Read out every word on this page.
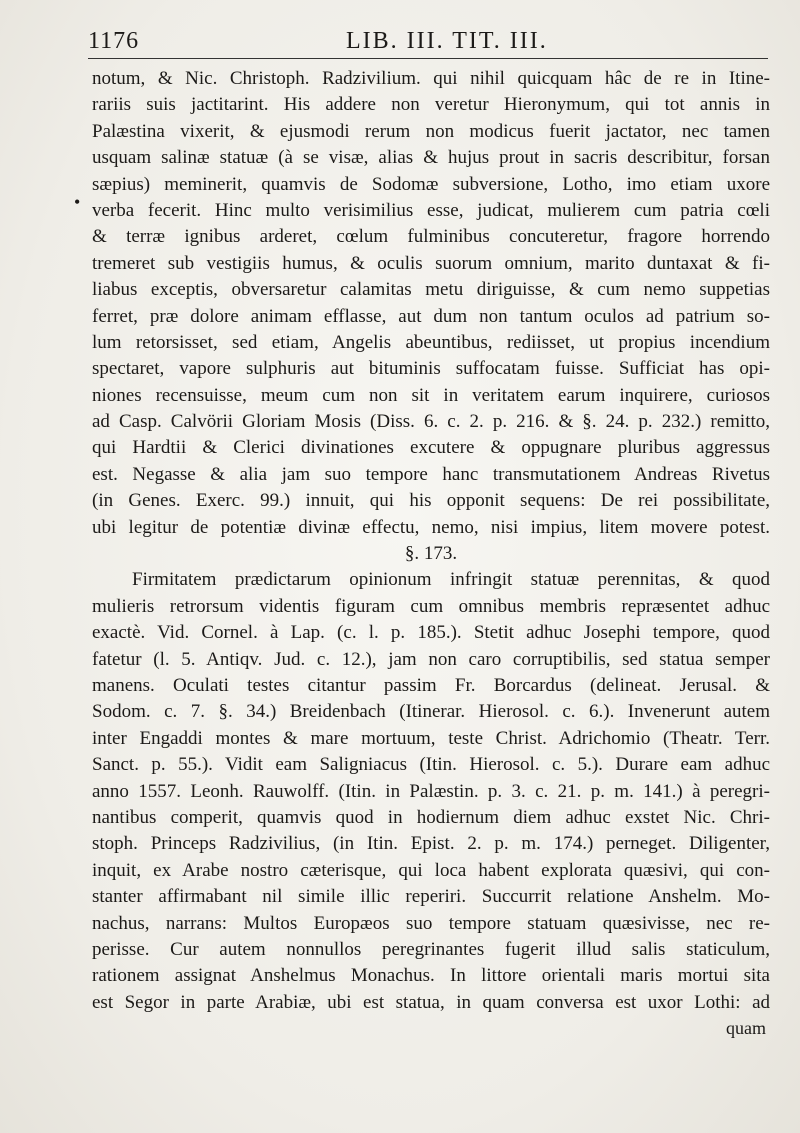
1176	LIB. III. TIT. III.
•
notum, & Nic. Christoph. Radzivilium. qui nihil quicquam hâc de re in Itine-
rariis suis jactitarint. His addere non veretur Hieronymum, qui tot annis in
Palæstina vixerit, & ejusmodi rerum non modicus fuerit jactator, nec tamen
usquam salinæ statuæ (à se visæ, alias & hujus prout in sacris describitur, forsan
sæpius) meminerit, quamvis de Sodomæ subversione, Lotho, imo etiam uxore
verba fecerit. Hinc multo verisimilius esse, judicat, mulierem cum patria cœli
& terræ ignibus arderet, cœlum fulminibus concuteretur, fragore horrendo
tremeret sub vestigiis humus, & oculis suorum omnium, marito duntaxat & fi-
liabus exceptis, obversaretur calamitas metu diriguisse, & cum nemo suppetias
ferret, præ dolore animam efflasse, aut dum non tantum oculos ad patrium so-
lum retorsisset, sed etiam, Angelis abeuntibus, rediisset, ut propius incendium
spectaret, vapore sulphuris aut bituminis suffocatam fuisse. Sufficiat has opi-
niones recensuisse, meum cum non sit in veritatem earum inquirere, curiosos
ad Casp. Calvörii Gloriam Mosis (Diss. 6. c. 2. p. 216. & §. 24. p. 232.) remitto,
qui Hardtii & Clerici divinationes excutere & oppugnare pluribus aggressus
est. Negasse & alia jam suo tempore hanc transmutationem Andreas Rivetus
(in Genes. Exerc. 99.) innuit, qui his opponit sequens: De rei possibilitate,
ubi legitur de potentiæ divinæ effectu, nemo, nisi impius, litem movere potest.
§. 173.
Firmitatem prædictarum opinionum infringit statuæ perennitas, & quod
mulieris retrorsum videntis figuram cum omnibus membris repræsentet adhuc
exactè. Vid. Cornel. à Lap. (c. l. p. 185.). Stetit adhuc Josephi tempore, quod
fatetur (l. 5. Antiqv. Jud. c. 12.), jam non caro corruptibilis, sed statua semper
manens. Oculati testes citantur passim Fr. Borcardus (delineat. Jerusal. &
Sodom. c. 7. §. 34.) Breidenbach (Itinerar. Hierosol. c. 6.). Invenerunt autem
inter Engaddi montes & mare mortuum, teste Christ. Adrichomio (Theatr. Terr.
Sanct. p. 55.). Vidit eam Saligniacus (Itin. Hierosol. c. 5.). Durare eam adhuc
anno 1557. Leonh. Rauwolff. (Itin. in Palæstin. p. 3. c. 21. p. m. 141.) à peregri-
nantibus comperit, quamvis quod in hodiernum diem adhuc exstet Nic. Chri-
stoph. Princeps Radzivilius, (in Itin. Epist. 2. p. m. 174.) perneget. Diligenter,
inquit, ex Arabe nostro cæterisque, qui loca habent explorata quæsivi, qui con-
stanter affirmabant nil simile illic reperiri. Succurrit relatione Anshelm. Mo-
nachus, narrans: Multos Europæos suo tempore statuam quæsivisse, nec re-
perisse. Cur autem nonnullos peregrinantes fugerit illud salis staticulum,
rationem assignat Anshelmus Monachus. In littore orientali maris mortui sita
est Segor in parte Arabiæ, ubi est statua, in quam conversa est uxor Lothi: ad
quam
